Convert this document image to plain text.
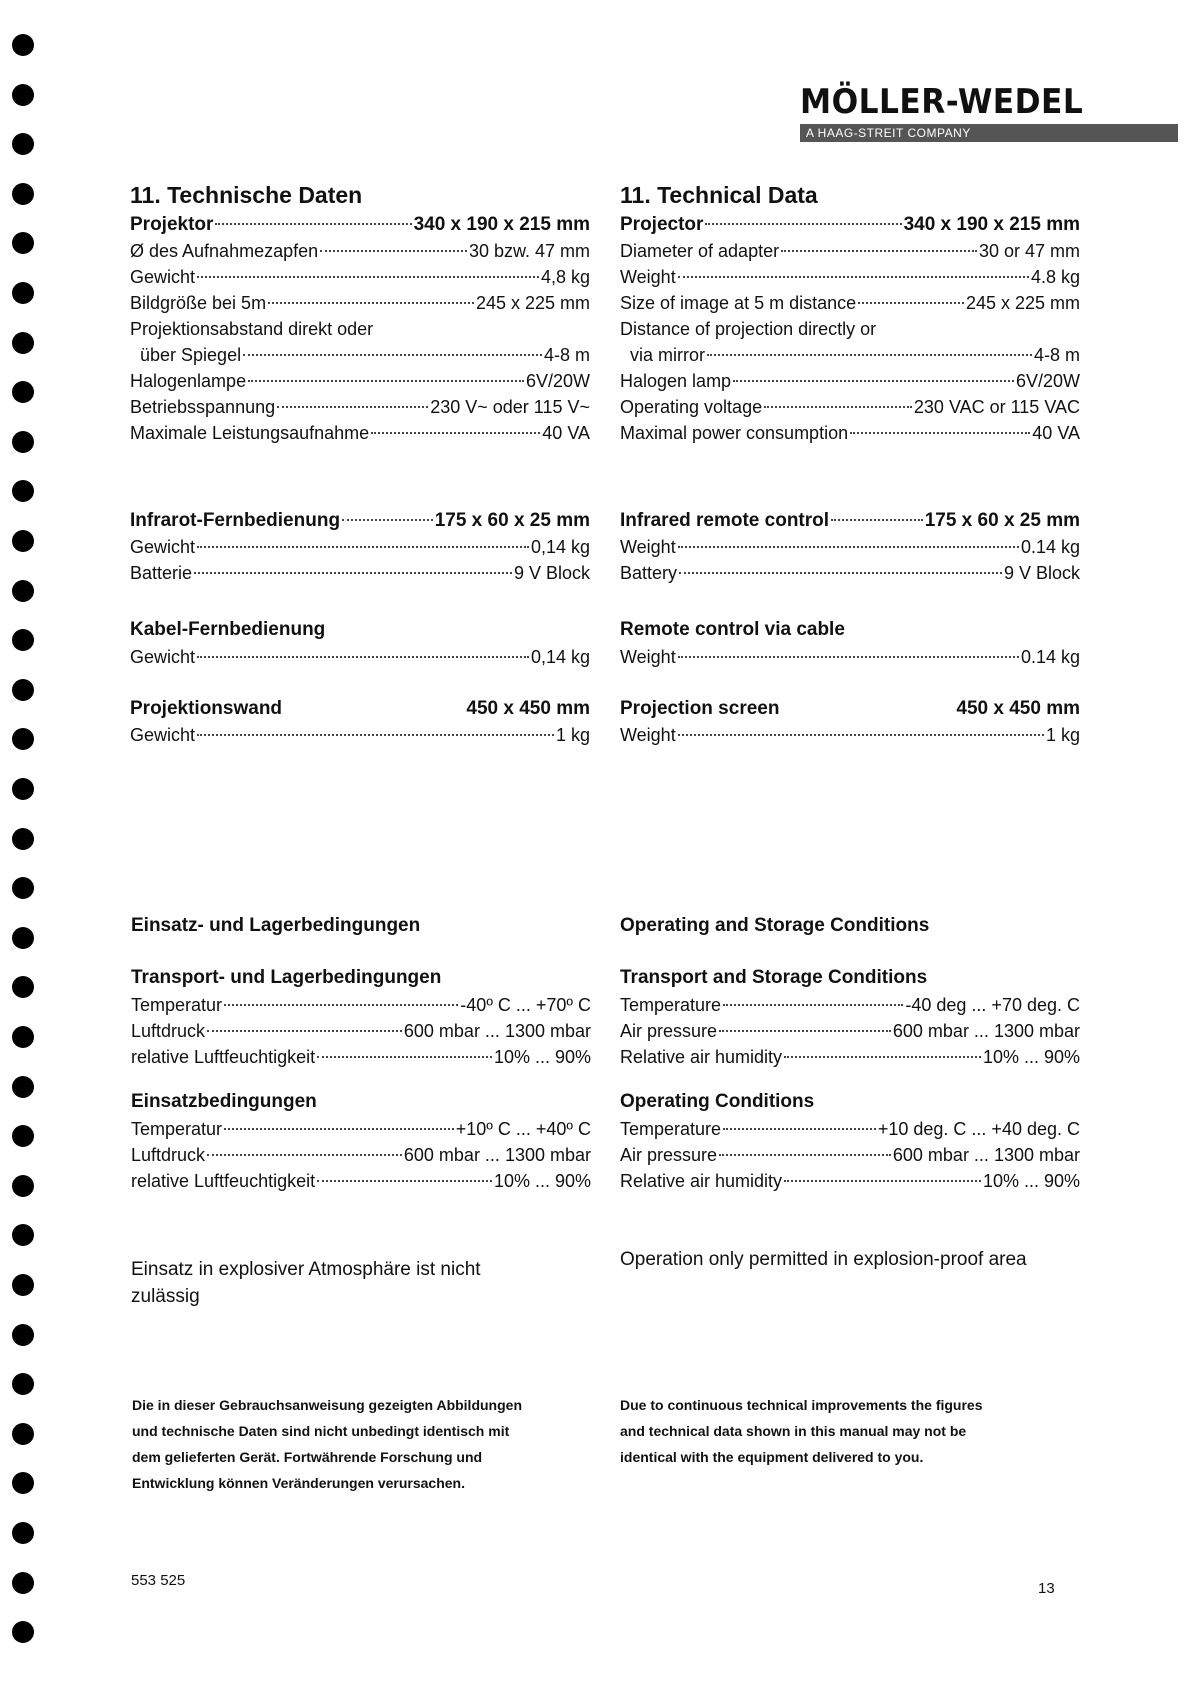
MÖLLER-WEDEL
A HAAG-STREIT COMPANY
11. Technische Daten
Projektor	340 x 190 x 215 mm
Ø des Aufnahmezapfen	30 bzw. 47 mm
Gewicht	4,8 kg
Bildgröße bei 5m	245 x 225 mm
Projektionsabstand direkt oder
über Spiegel	4-8 m
Halogenlampe	6V/20W
Betriebsspannung	230 V~ oder 115 V~
Maximale Leistungsaufnahme	40 VA
Infrarot-Fernbedienung	175 x 60 x 25 mm
Gewicht	0,14 kg
Batterie	9 V Block
Kabel-Fernbedienung
Gewicht	0,14 kg
Projektionswand	450 x 450 mm
Gewicht	1 kg
Einsatz- und Lagerbedingungen
Transport- und Lagerbedingungen
Temperatur	-40º C ... +70º C
Luftdruck	600 mbar ... 1300 mbar
relative Luftfeuchtigkeit	10% ... 90%
Einsatzbedingungen
Temperatur	+10º C ... +40º C
Luftdruck	600 mbar ... 1300 mbar
relative Luftfeuchtigkeit	10% ... 90%
Einsatz in explosiver Atmosphäre ist nicht
zulässig
Die in dieser Gebrauchsanweisung gezeigten Abbildungen
und technische Daten sind nicht unbedingt identisch mit
dem gelieferten Gerät. Fortwährende Forschung und
Entwicklung können Veränderungen verursachen.
11. Technical Data
Projector	340 x 190 x 215 mm
Diameter of adapter	30 or 47 mm
Weight	4.8 kg
Size of image at 5 m distance	245 x 225 mm
Distance of projection directly or
via mirror	4-8 m
Halogen lamp	6V/20W
Operating voltage	230 VAC or 115 VAC
Maximal power consumption	40 VA
Infrared remote control	175 x 60 x 25 mm
Weight	0.14 kg
Battery	9 V Block
Remote control via cable
Weight	0.14 kg
Projection screen	450 x 450 mm
Weight	1 kg
Operating and Storage Conditions
Transport and Storage Conditions
Temperature	-40 deg ... +70 deg. C
Air pressure	600 mbar ... 1300 mbar
Relative air humidity	10% ... 90%
Operating Conditions
Temperature	+10 deg. C ... +40 deg. C
Air pressure	600 mbar ... 1300 mbar
Relative air humidity	10% ... 90%
Operation only permitted in explosion-proof area
Due to continuous technical improvements the figures
and technical data shown in this manual may not be
identical with the equipment delivered to you.
553 525	13
